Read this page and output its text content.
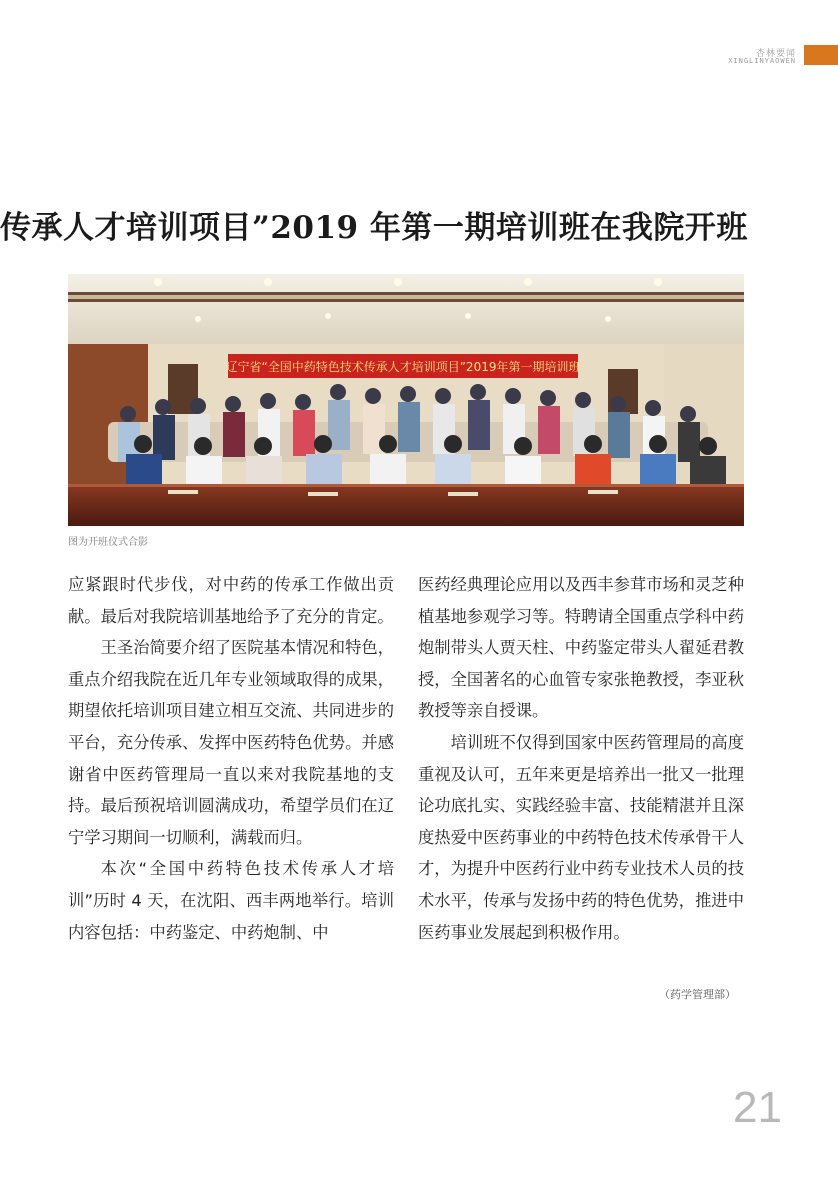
杏林要闻
XINGLINYAOWEN
传承人才培训项目”2019 年第一期培训班在我院开班
辽宁省“全国中药特色技术传承人才培训项目”2019年第一期培训班
图为开班仪式合影

应紧跟时代步伐，对中药的传承工作做出贡献。最后对我院培训基地给予了充分的肯定。

王圣治简要介绍了医院基本情况和特色，重点介绍我院在近几年专业领域取得的成果，期望依托培训项目建立相互交流、共同进步的平台，充分传承、发挥中医药特色优势。并感谢省中医药管理局一直以来对我院基地的支持。最后预祝培训圆满成功，希望学员们在辽宁学习期间一切顺利，满载而归。

本次“全国中药特色技术传承人才培训”历时 4 天，在沈阳、西丰两地举行。培训内容包括：中药鉴定、中药炮制、中

医药经典理论应用以及西丰参茸市场和灵芝种植基地参观学习等。特聘请全国重点学科中药炮制带头人贾天柱、中药鉴定带头人翟延君教授，全国著名的心血管专家张艳教授，李亚秋教授等亲自授课。

培训班不仅得到国家中医药管理局的高度重视及认可，五年来更是培养出一批又一批理论功底扎实、实践经验丰富、技能精湛并且深度热爱中医药事业的中药特色技术传承骨干人才，为提升中医药行业中药专业技术人员的技术水平，传承与发扬中药的特色优势，推进中医药事业发展起到积极作用。

（药学管理部）
21
